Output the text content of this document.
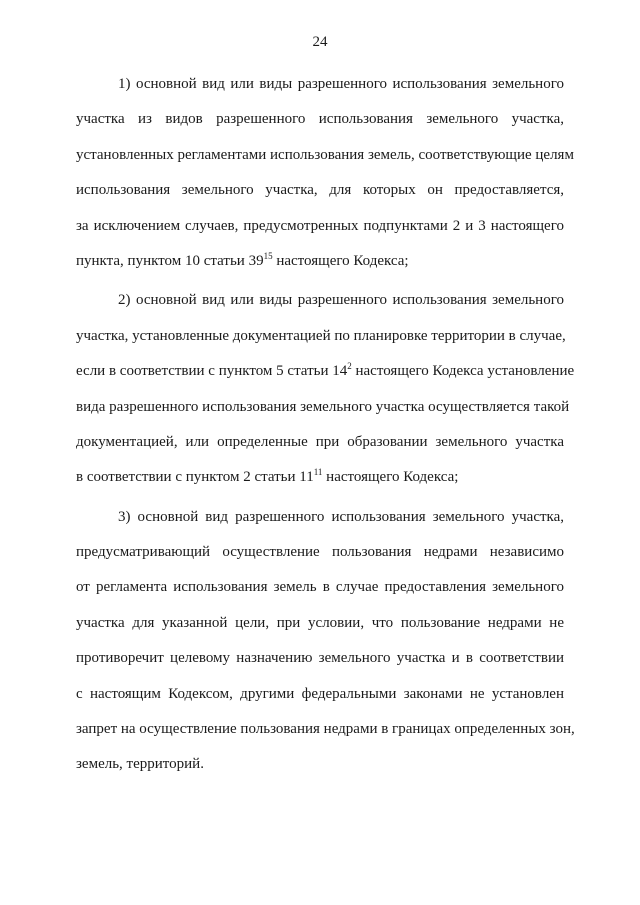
24
1) основной вид или виды разрешенного использования земельного
участка из видов разрешенного использования земельного участка,
установленных регламентами использования земель, соответствующие целям
использования земельного участка, для которых он предоставляется,
за исключением случаев, предусмотренных подпунктами 2 и 3 настоящего
пункта, пунктом 10 статьи $39^{15}$ настоящего Кодекса;
2) основной вид или виды разрешенного использования земельного
участка, установленные документацией по планировке территории в случае,
если в соответствии с пунктом 5 статьи $14^2$ настоящего Кодекса установление
вида разрешенного использования земельного участка осуществляется такой
документацией, или определенные при образовании земельного участка
в соответствии с пунктом 2 статьи $11^{11}$ настоящего Кодекса;
3) основной вид разрешенного использования земельного участка,
предусматривающий осуществление пользования недрами независимо
от регламента использования земель в случае предоставления земельного
участка для указанной цели, при условии, что пользование недрами не
противоречит целевому назначению земельного участка и в соответствии
с настоящим Кодексом, другими федеральными законами не установлен
запрет на осуществление пользования недрами в границах определенных зон,
земель, территорий.
